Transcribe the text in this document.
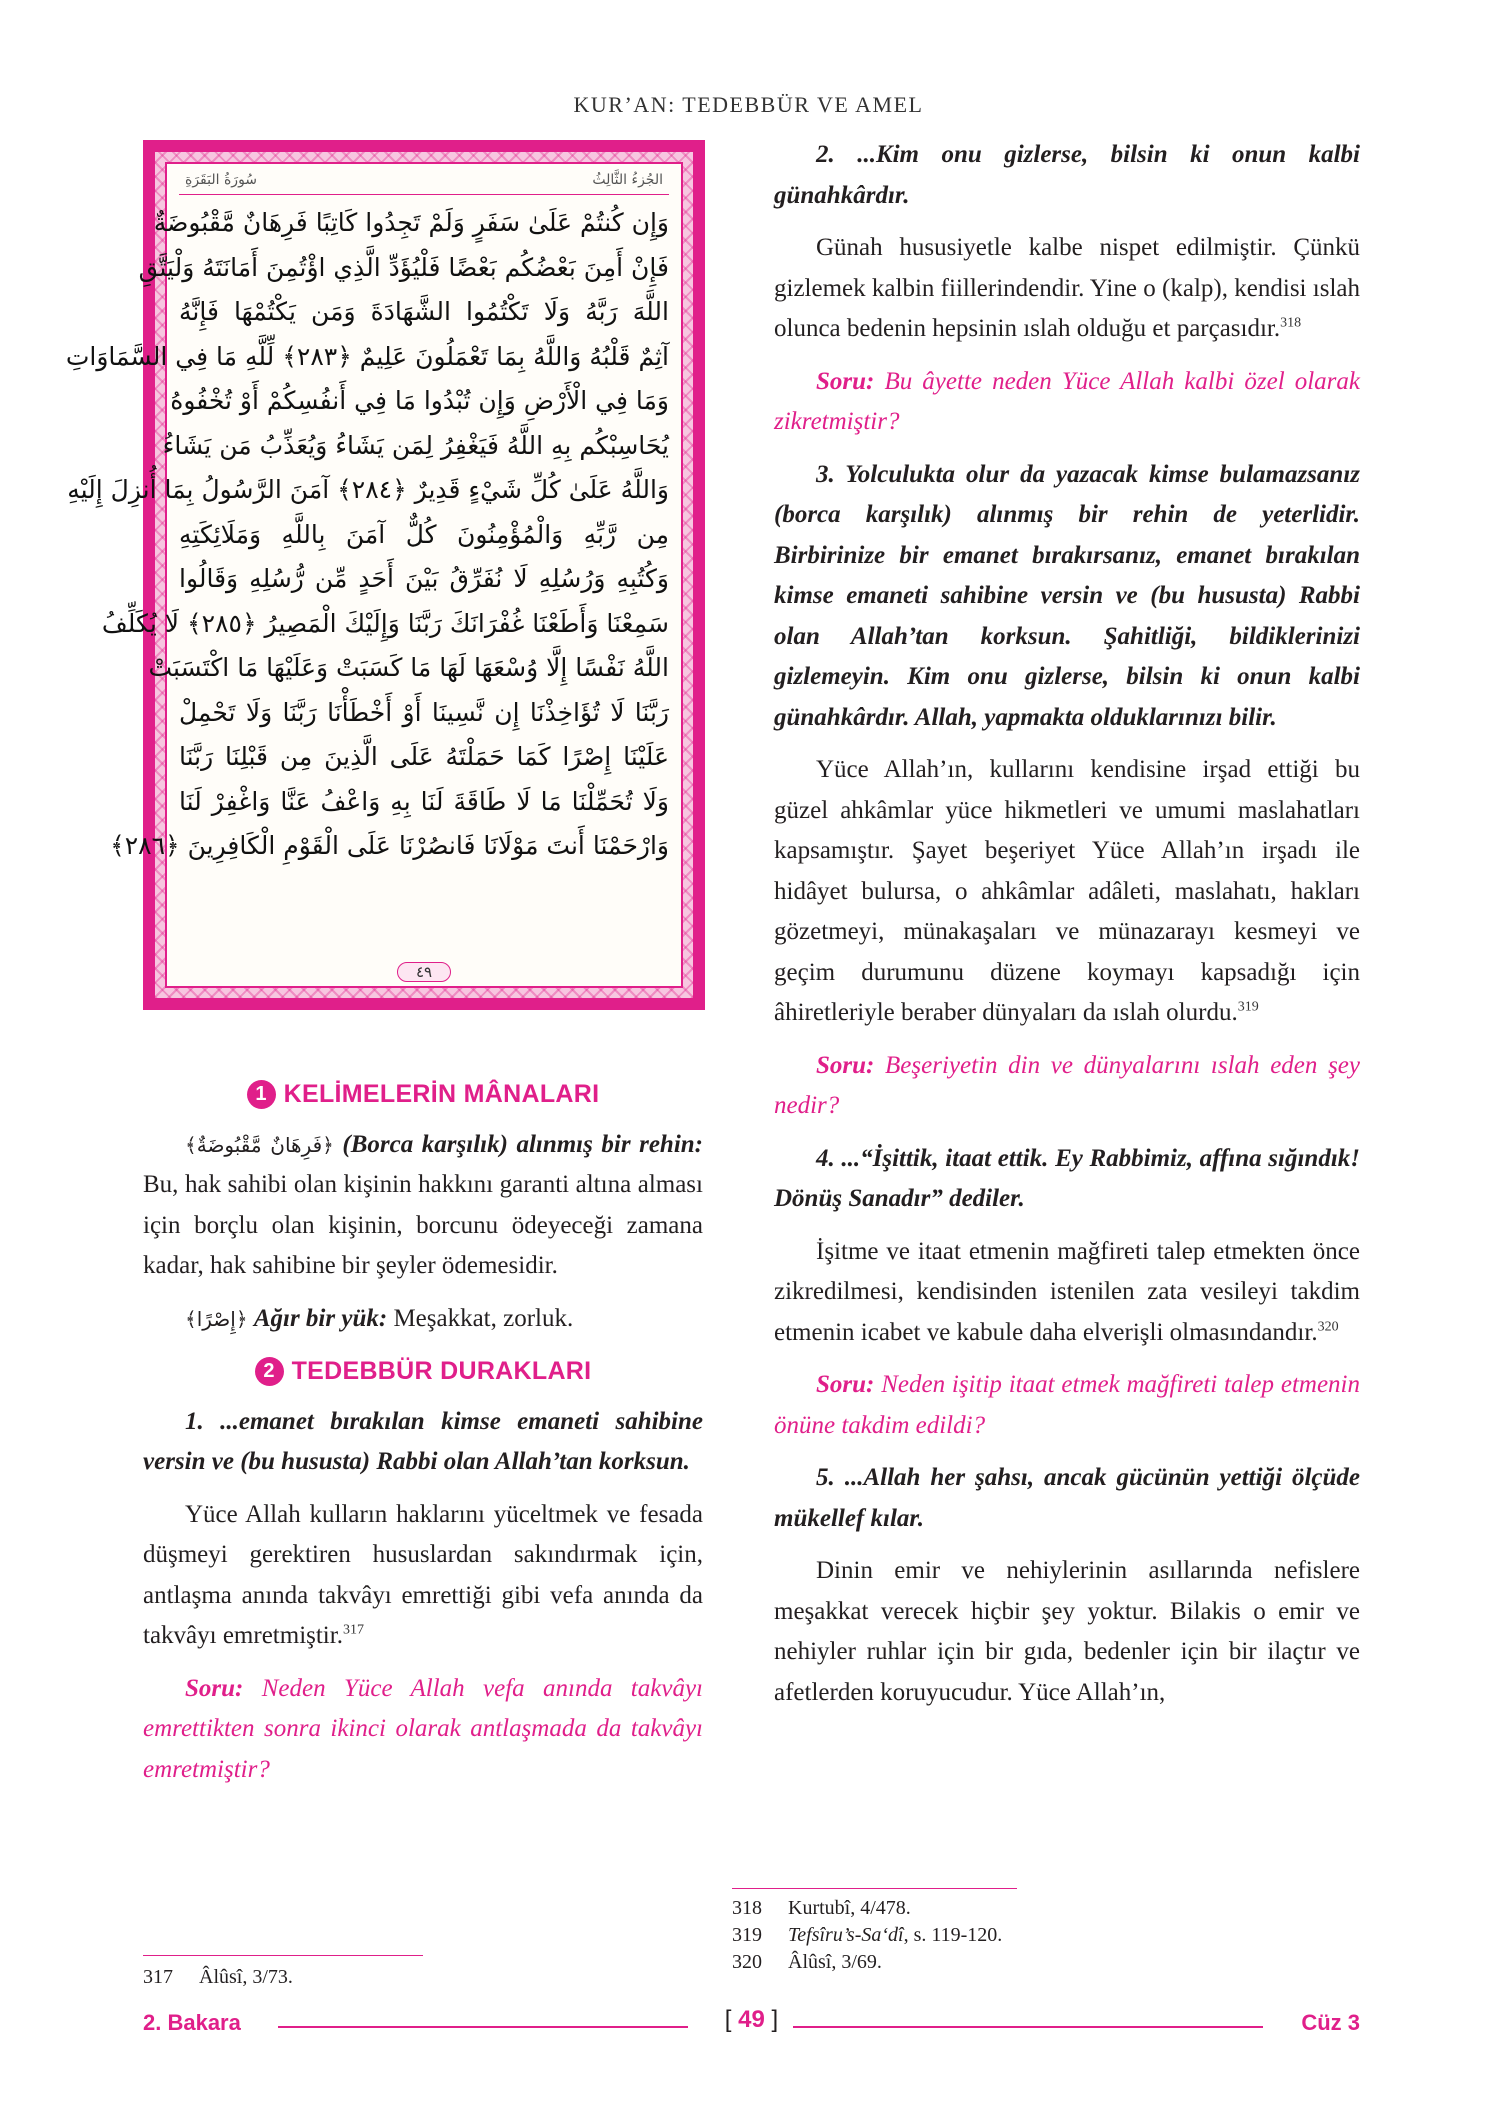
KUR’AN: TEDEBBÜR VE AMEL
الجُزءُ الثَّالِثُ
سُورَةُ البَقَرَةِ
وَإِن كُنتُمْ عَلَىٰ سَفَرٍ وَلَمْ تَجِدُوا كَاتِبًا فَرِهَانٌ مَّقْبُوضَةٌ
فَإِنْ أَمِنَ بَعْضُكُم بَعْضًا فَلْيُؤَدِّ الَّذِي اؤْتُمِنَ أَمَانَتَهُ وَلْيَتَّقِ
اللَّهَ رَبَّهُ وَلَا تَكْتُمُوا الشَّهَادَةَ وَمَن يَكْتُمْهَا فَإِنَّهُ
آثِمٌ قَلْبُهُ وَاللَّهُ بِمَا تَعْمَلُونَ عَلِيمٌ ﴿٢٨٣﴾ لِّلَّهِ مَا فِي السَّمَاوَاتِ
وَمَا فِي الْأَرْضِ وَإِن تُبْدُوا مَا فِي أَنفُسِكُمْ أَوْ تُخْفُوهُ
يُحَاسِبْكُم بِهِ اللَّهُ فَيَغْفِرُ لِمَن يَشَاءُ وَيُعَذِّبُ مَن يَشَاءُ
وَاللَّهُ عَلَىٰ كُلِّ شَيْءٍ قَدِيرٌ ﴿٢٨٤﴾ آمَنَ الرَّسُولُ بِمَا أُنزِلَ إِلَيْهِ
مِن رَّبِّهِ وَالْمُؤْمِنُونَ كُلٌّ آمَنَ بِاللَّهِ وَمَلَائِكَتِهِ
وَكُتُبِهِ وَرُسُلِهِ لَا نُفَرِّقُ بَيْنَ أَحَدٍ مِّن رُّسُلِهِ وَقَالُوا
سَمِعْنَا وَأَطَعْنَا غُفْرَانَكَ رَبَّنَا وَإِلَيْكَ الْمَصِيرُ ﴿٢٨٥﴾ لَا يُكَلِّفُ
اللَّهُ نَفْسًا إِلَّا وُسْعَهَا لَهَا مَا كَسَبَتْ وَعَلَيْهَا مَا اكْتَسَبَتْ
رَبَّنَا لَا تُؤَاخِذْنَا إِن نَّسِينَا أَوْ أَخْطَأْنَا رَبَّنَا وَلَا تَحْمِلْ
عَلَيْنَا إِصْرًا كَمَا حَمَلْتَهُ عَلَى الَّذِينَ مِن قَبْلِنَا رَبَّنَا
وَلَا تُحَمِّلْنَا مَا لَا طَاقَةَ لَنَا بِهِ وَاعْفُ عَنَّا وَاغْفِرْ لَنَا
وَارْحَمْنَا أَنتَ مَوْلَانَا فَانصُرْنَا عَلَى الْقَوْمِ الْكَافِرِينَ ﴿٢٨٦﴾
٤٩
1 KELİMELERİN MÂNALARI

﴿فَرِهَانٌ مَّقْبُوضَةٌ﴾ (Borca karşılık) alınmış bir rehin: Bu, hak sahibi olan kişinin hakkını garanti altına alması için borçlu olan kişinin, borcunu ödeyeceği zamana kadar, hak sahibine bir şeyler ödemesidir.

﴿إِصْرًا﴾ Ağır bir yük: Meşakkat, zorluk.

2 TEDEBBÜR DURAKLARI

1. ...emanet bırakılan kimse emaneti sahibine versin ve (bu hususta) Rabbi olan Allah’tan korksun.

Yüce Allah kulların haklarını yüceltmek ve fesada düşmeyi gerektiren hususlardan sakındırmak için, antlaşma anında takvâyı emrettiği gibi vefa anında da takvâyı emretmiştir.$^{317}$

Soru: Neden Yüce Allah vefa anında takvâyı emrettikten sonra ikinci olarak antlaşmada da takvâyı emretmiştir?

2. ...Kim onu gizlerse, bilsin ki onun kalbi günahkârdır.

Günah hususiyetle kalbe nispet edilmiştir. Çünkü gizlemek kalbin fiillerindendir. Yine o (kalp), kendisi ıslah olunca bedenin hepsinin ıslah olduğu et parçasıdır.$^{318}$

Soru: Bu âyette neden Yüce Allah kalbi özel olarak zikretmiştir?

3. Yolculukta olur da yazacak kimse bulamazsanız (borca karşılık) alınmış bir rehin de yeterlidir. Birbirinize bir emanet bırakırsanız, emanet bırakılan kimse emaneti sahibine versin ve (bu hususta) Rabbi olan Allah’tan korksun. Şahitliği, bildiklerinizi gizlemeyin. Kim onu gizlerse, bilsin ki onun kalbi günahkârdır. Allah, yapmakta olduklarınızı bilir.

Yüce Allah’ın, kullarını kendisine irşad ettiği bu güzel ahkâmlar yüce hikmetleri ve umumi maslahatları kapsamıştır. Şayet beşeriyet Yüce Allah’ın irşadı ile hidâyet bulursa, o ahkâmlar adâleti, maslahatı, hakları gözetmeyi, münakaşaları ve münazarayı kesmeyi ve geçim durumunu düzene koymayı kapsadığı için âhiretleriyle beraber dünyaları da ıslah olurdu.$^{319}$

Soru: Beşeriyetin din ve dünyalarını ıslah eden şey nedir?

4. ...“İşittik, itaat ettik. Ey Rabbimiz, affına sığındık! Dönüş Sanadır” dediler.

İşitme ve itaat etmenin mağfireti talep etmekten önce zikredilmesi, kendisinden istenilen zata vesileyi takdim etmenin icabet ve kabule daha elverişli olmasındandır.$^{320}$

Soru: Neden işitip itaat etmek mağfireti talep etmenin önüne takdim edildi?

5. ...Allah her şahsı, ancak gücünün yettiği ölçüde mükellef kılar.

Dinin emir ve nehiylerinin asıllarında nefislere meşakkat verecek hiçbir şey yoktur. Bilakis o emir ve nehiyler ruhlar için bir gıda, bedenler için bir ilaçtır ve afetlerden koruyucudur. Yüce Allah’ın,

317 Âlûsî, 3/73.
318 Kurtubî, 4/478.
319 Tefsîru’s-Sa‘dî, s. 119-120.
320 Âlûsî, 3/69.
2. Bakara	[ 49 ]	Cüz 3
